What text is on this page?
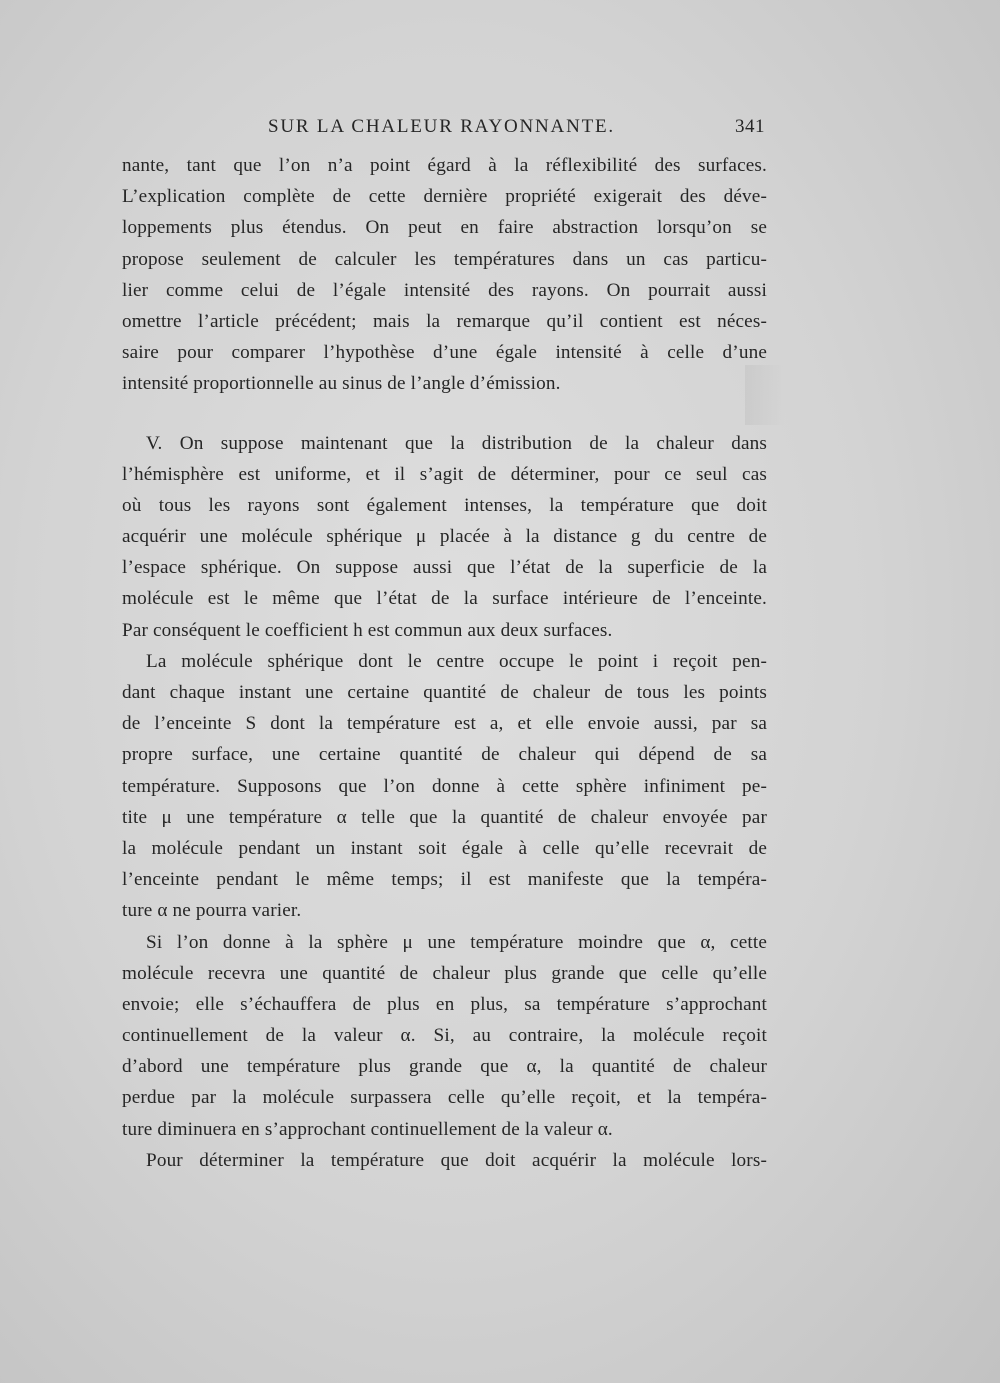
SUR LA CHALEUR RAYONNANTE.	341
nante, tant que l’on n’a point égard à la réflexibilité des surfaces.
L’explication complète de cette dernière propriété exigerait des déve-
loppements plus étendus. On peut en faire abstraction lorsqu’on se
propose seulement de calculer les températures dans un cas particu-
lier comme celui de l’égale intensité des rayons. On pourrait aussi
omettre l’article précédent; mais la remarque qu’il contient est néces-
saire pour comparer l’hypothèse d’une égale intensité à celle d’une
intensité proportionnelle au sinus de l’angle d’émission.
V. On suppose maintenant que la distribution de la chaleur dans
l’hémisphère est uniforme, et il s’agit de déterminer, pour ce seul cas
où tous les rayons sont également intenses, la température que doit
acquérir une molécule sphérique μ placée à la distance g du centre de
l’espace sphérique. On suppose aussi que l’état de la superficie de la
molécule est le même que l’état de la surface intérieure de l’enceinte.
Par conséquent le coefficient h est commun aux deux surfaces.
La molécule sphérique dont le centre occupe le point i reçoit pen-
dant chaque instant une certaine quantité de chaleur de tous les points
de l’enceinte S dont la température est a, et elle envoie aussi, par sa
propre surface, une certaine quantité de chaleur qui dépend de sa
température. Supposons que l’on donne à cette sphère infiniment pe-
tite μ une température α telle que la quantité de chaleur envoyée par
la molécule pendant un instant soit égale à celle qu’elle recevrait de
l’enceinte pendant le même temps; il est manifeste que la tempéra-
ture α ne pourra varier.
Si l’on donne à la sphère μ une température moindre que α, cette
molécule recevra une quantité de chaleur plus grande que celle qu’elle
envoie; elle s’échauffera de plus en plus, sa température s’approchant
continuellement de la valeur α. Si, au contraire, la molécule reçoit
d’abord une température plus grande que α, la quantité de chaleur
perdue par la molécule surpassera celle qu’elle reçoit, et la tempéra-
ture diminuera en s’approchant continuellement de la valeur α.
Pour déterminer la température que doit acquérir la molécule lors-
